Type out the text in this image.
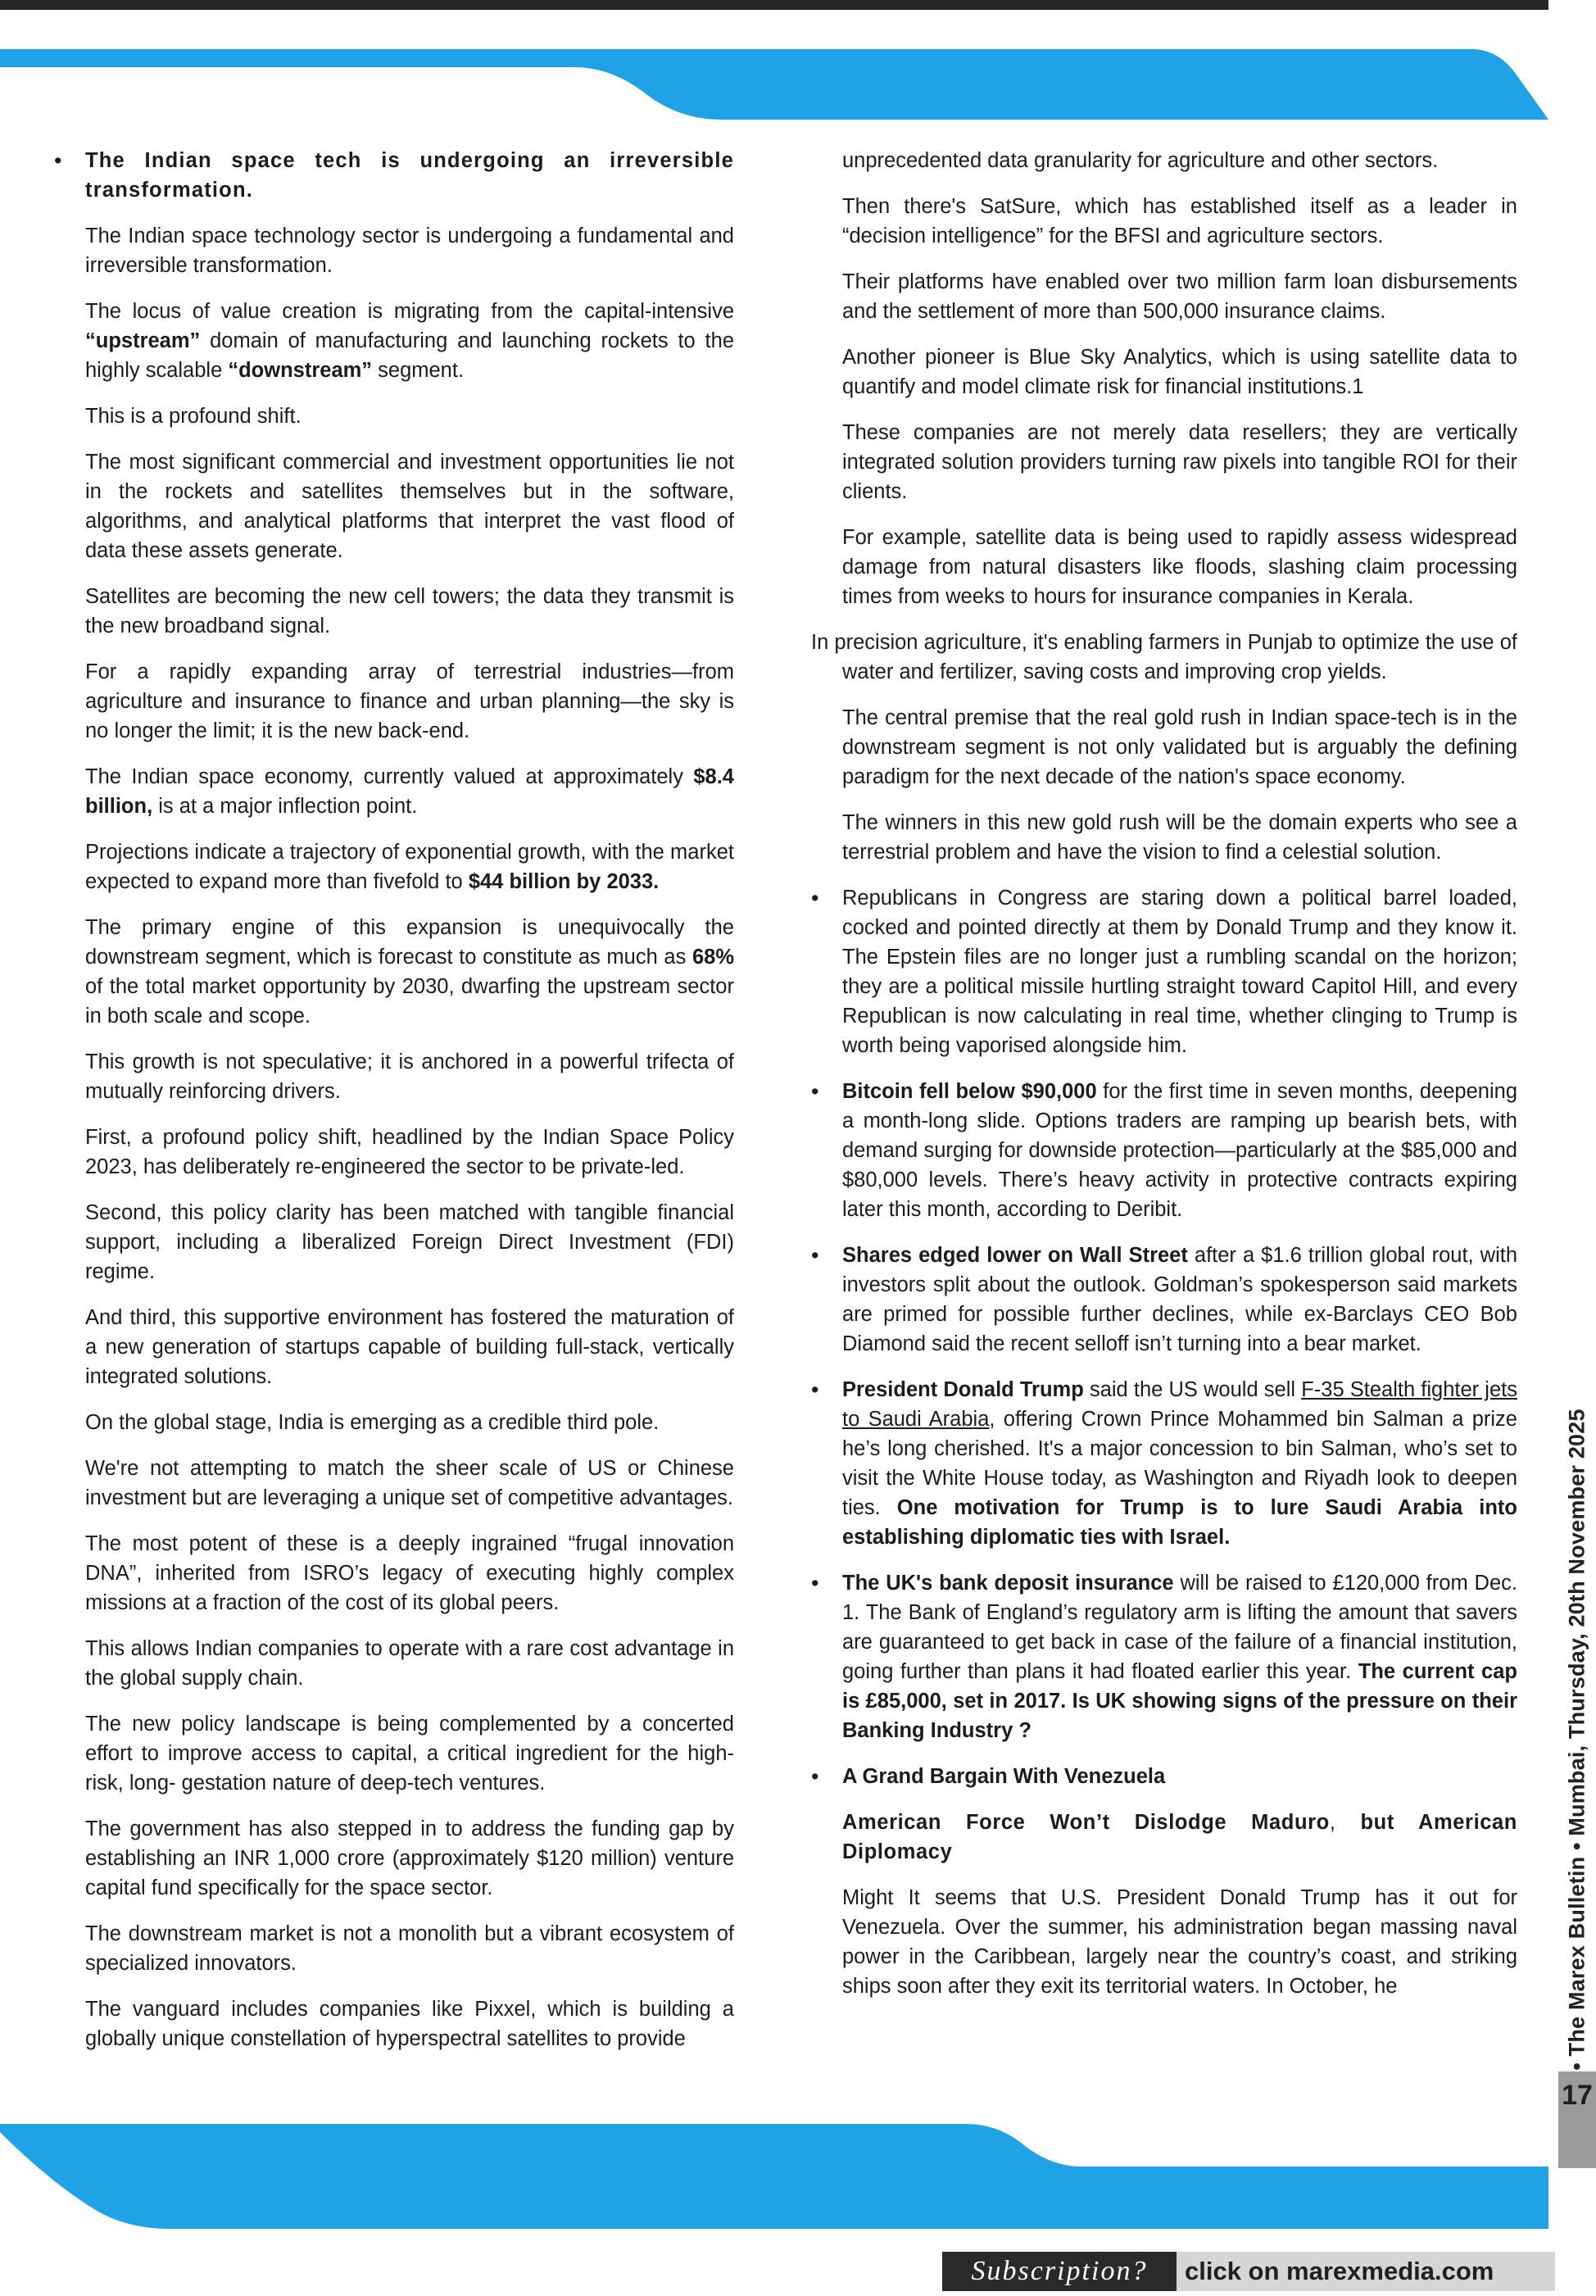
• The Indian space tech is undergoing an irreversible transformation.

The Indian space technology sector is undergoing a fundamental and irreversible transformation.

The locus of value creation is migrating from the capital-intensive “upstream” domain of manufacturing and launching rockets to the highly scalable “downstream” segment.

This is a profound shift.

The most significant commercial and investment opportunities lie not in the rockets and satellites themselves but in the software, algorithms, and analytical platforms that interpret the vast flood of data these assets generate.

Satellites are becoming the new cell towers; the data they transmit is the new broadband signal.

For a rapidly expanding array of terrestrial industries—from agriculture and insurance to finance and urban planning—the sky is no longer the limit; it is the new back-end.

The Indian space economy, currently valued at approximately $8.4 billion, is at a major inflection point.

Projections indicate a trajectory of exponential growth, with the market expected to expand more than fivefold to $44 billion by 2033.

The primary engine of this expansion is unequivocally the downstream segment, which is forecast to constitute as much as 68% of the total market opportunity by 2030, dwarfing the upstream sector in both scale and scope.

This growth is not speculative; it is anchored in a powerful trifecta of mutually reinforcing drivers.

First, a profound policy shift, headlined by the Indian Space Policy 2023, has deliberately re-engineered the sector to be private-led.

Second, this policy clarity has been matched with tangible financial support, including a liberalized Foreign Direct Investment (FDI) regime.

And third, this supportive environment has fostered the maturation of a new generation of startups capable of building full-stack, vertically integrated solutions.

On the global stage, India is emerging as a credible third pole.

We're not attempting to match the sheer scale of US or Chinese investment but are leveraging a unique set of competitive advantages.

The most potent of these is a deeply ingrained “frugal innovation DNA”, inherited from ISRO’s legacy of executing highly complex missions at a fraction of the cost of its global peers.

This allows Indian companies to operate with a rare cost advantage in the global supply chain.

The new policy landscape is being complemented by a concerted effort to improve access to capital, a critical ingredient for the high-risk, long- gestation nature of deep-tech ventures.

The government has also stepped in to address the funding gap by establishing an INR 1,000 crore (approximately $120 million) venture capital fund specifically for the space sector.

The downstream market is not a monolith but a vibrant ecosystem of specialized innovators.

The vanguard includes companies like Pixxel, which is building a globally unique constellation of hyperspectral satellites to provide

unprecedented data granularity for agriculture and other sectors.

Then there's SatSure, which has established itself as a leader in “decision intelligence” for the BFSI and agriculture sectors.

Their platforms have enabled over two million farm loan disbursements and the settlement of more than 500,000 insurance claims.

Another pioneer is Blue Sky Analytics, which is using satellite data to quantify and model climate risk for financial institutions.1

These companies are not merely data resellers; they are vertically integrated solution providers turning raw pixels into tangible ROI for their clients.

For example, satellite data is being used to rapidly assess widespread damage from natural disasters like floods, slashing claim processing times from weeks to hours for insurance companies in Kerala.

In precision agriculture, it's enabling farmers in Punjab to optimize the use of water and fertilizer, saving costs and improving crop yields.

The central premise that the real gold rush in Indian space-tech is in the downstream segment is not only validated but is arguably the defining paradigm for the next decade of the nation's space economy.

The winners in this new gold rush will be the domain experts who see a terrestrial problem and have the vision to find a celestial solution.

• Republicans in Congress are staring down a political barrel loaded, cocked and pointed directly at them by Donald Trump and they know it. The Epstein files are no longer just a rumbling scandal on the horizon; they are a political missile hurtling straight toward Capitol Hill, and every Republican is now calculating in real time, whether clinging to Trump is worth being vaporised alongside him.

• Bitcoin fell below $90,000 for the first time in seven months, deepening a month-long slide. Options traders are ramping up bearish bets, with demand surging for downside protection—particularly at the $85,000 and $80,000 levels. There’s heavy activity in protective contracts expiring later this month, according to Deribit.

• Shares edged lower on Wall Street after a $1.6 trillion global rout, with investors split about the outlook. Goldman’s spokesperson said markets are primed for possible further declines, while ex-Barclays CEO Bob Diamond said the recent selloff isn’t turning into a bear market.

• President Donald Trump said the US would sell F-35 Stealth fighter jets to Saudi Arabia, offering Crown Prince Mohammed bin Salman a prize he’s long cherished. It's a major concession to bin Salman, who’s set to visit the White House today, as Washington and Riyadh look to deepen ties. One motivation for Trump is to lure Saudi Arabia into establishing diplomatic ties with Israel.

• The UK's bank deposit insurance will be raised to £120,000 from Dec. 1. The Bank of England’s regulatory arm is lifting the amount that savers are guaranteed to get back in case of the failure of a financial institution, going further than plans it had floated earlier this year. The current cap is £85,000, set in 2017. Is UK showing signs of the pressure on their Banking Industry ?

• A Grand Bargain With Venezuela

American Force Won’t Dislodge Maduro, but American Diplomacy

Might It seems that U.S. President Donald Trump has it out for Venezuela. Over the summer, his administration began massing naval power in the Caribbean, largely near the country’s coast, and striking ships soon after they exit its territorial waters. In October, he	• The Marex Bulletin • Mumbai, Thursday, 20th November 2025
17
Subscription?	click on marexmedia.com
